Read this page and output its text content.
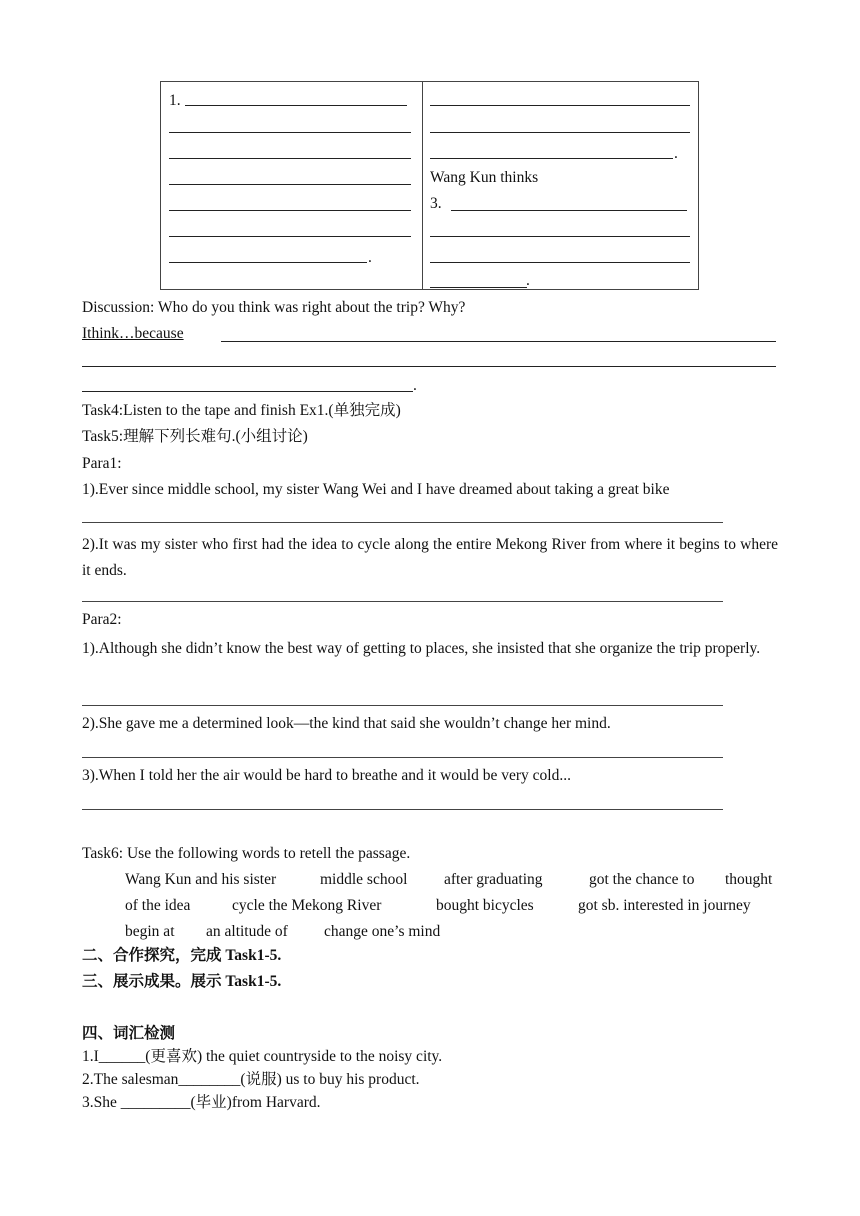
1.
.
.
Wang Kun thinks
3.
.
Discussion: Who do you think was right about the trip? Why?
Ithink…because
.
Task4:Listen to the tape and finish Ex1.(单独完成)
Task5:理解下列长难句.(小组讨论)
Para1:
1).Ever since middle school, my sister Wang Wei and I have dreamed about taking a great bike
2).It was my sister who first had the idea to cycle along the entire Mekong River from where it begins to where it ends.
Para2:
1).Although she didn’t know the best way of getting to places, she insisted that she organize the trip properly.
2).She gave me a determined look—the kind that said she wouldn’t change her mind.
3).When I told her the air would be hard to breathe and it would be very cold...
Task6: Use the following words to retell the passage.
Wang Kun and his sister	middle school after graduating	got the chance to thought
of the idea	cycle the Mekong River	bought bicycles	got sb. interested in journey
begin at an altitude of change one’s mind
二、合作探究，完成 Task1-5.
三、展示成果。展示 Task1-5.
四、词汇检测
1.I______(更喜欢) the quiet countryside to the noisy city.
2.The salesman________(说服) us to buy his product.
3.She _________(毕业)from Harvard.
